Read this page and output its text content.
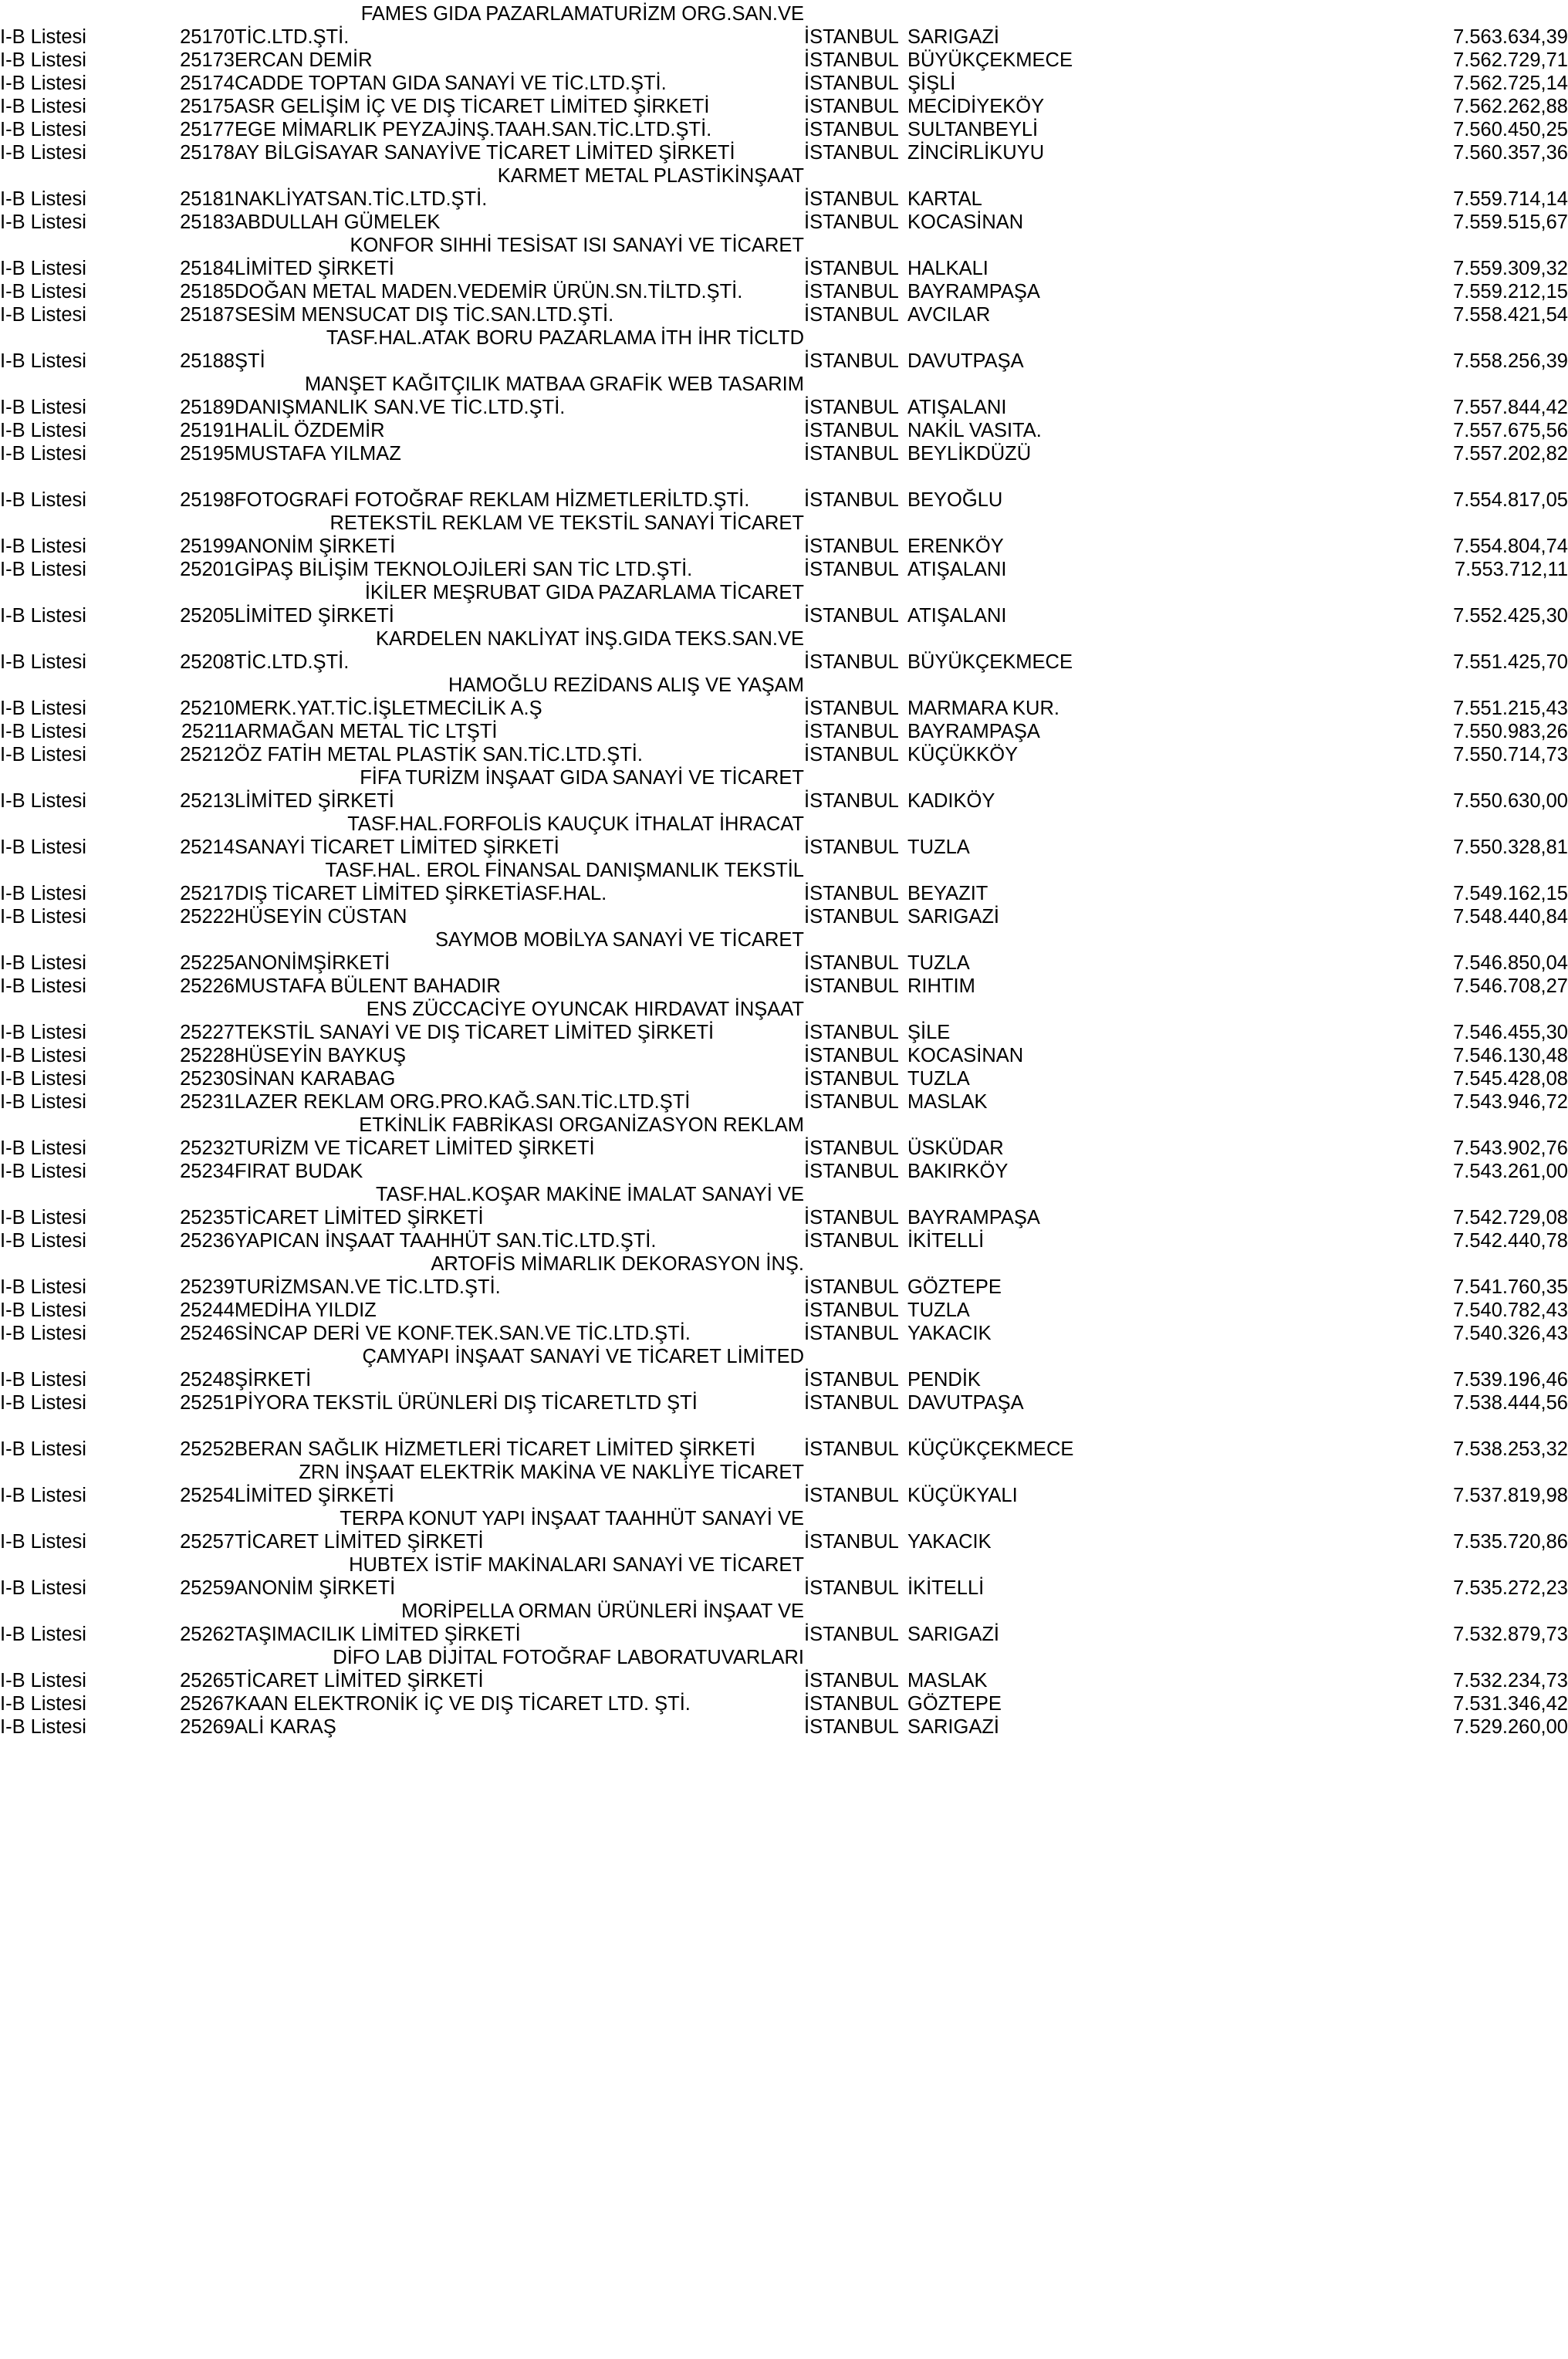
		FAMES GIDA PAZARLAMATURİZM ORG.SAN.VE			
I-B Listesi	25170	TİC.LTD.ŞTİ.	İSTANBUL	SARIGAZİ	7.563.634,39
I-B Listesi	25173	ERCAN DEMİR	İSTANBUL	BÜYÜKÇEKMECE	7.562.729,71
I-B Listesi	25174	CADDE TOPTAN GIDA SANAYİ VE TİC.LTD.ŞTİ.	İSTANBUL	ŞİŞLİ	7.562.725,14
I-B Listesi	25175	ASR GELİŞİM İÇ VE DIŞ TİCARET LİMİTED ŞİRKETİ	İSTANBUL	MECİDİYEKÖY	7.562.262,88
I-B Listesi	25177	EGE MİMARLIK PEYZAJİNŞ.TAAH.SAN.TİC.LTD.ŞTİ.	İSTANBUL	SULTANBEYLİ	7.560.450,25
I-B Listesi	25178	AY BİLGİSAYAR SANAYİVE TİCARET LİMİTED ŞİRKETİ	İSTANBUL	ZİNCİRLİKUYU	7.560.357,36
		KARMET METAL PLASTİKİNŞAAT			
I-B Listesi	25181	NAKLİYATSAN.TİC.LTD.ŞTİ.	İSTANBUL	KARTAL	7.559.714,14
I-B Listesi	25183	ABDULLAH GÜMELEK	İSTANBUL	KOCASİNAN	7.559.515,67
		KONFOR SIHHİ TESİSAT ISI SANAYİ VE TİCARET			
I-B Listesi	25184	LİMİTED ŞİRKETİ	İSTANBUL	HALKALI	7.559.309,32
I-B Listesi	25185	DOĞAN METAL MADEN.VEDEMİR ÜRÜN.SN.TİLTD.ŞTİ.	İSTANBUL	BAYRAMPAŞA	7.559.212,15
I-B Listesi	25187	SESİM MENSUCAT DIŞ TİC.SAN.LTD.ŞTİ.	İSTANBUL	AVCILAR	7.558.421,54
		TASF.HAL.ATAK BORU PAZARLAMA İTH İHR TİCLTD			
I-B Listesi	25188	ŞTİ	İSTANBUL	DAVUTPAŞA	7.558.256,39
		MANŞET KAĞITÇILIK MATBAA GRAFİK WEB TASARIM			
I-B Listesi	25189	DANIŞMANLIK SAN.VE TİC.LTD.ŞTİ.	İSTANBUL	ATIŞALANI	7.557.844,42
I-B Listesi	25191	HALİL ÖZDEMİR	İSTANBUL	NAKİL VASITA.	7.557.675,56
I-B Listesi	25195	MUSTAFA YILMAZ	İSTANBUL	BEYLİKDÜZÜ	7.557.202,82

I-B Listesi	25198	FOTOGRAFİ FOTOĞRAF REKLAM HİZMETLERİLTD.ŞTİ.	İSTANBUL	BEYOĞLU	7.554.817,05
		RETEKSTİL REKLAM VE TEKSTİL SANAYİ TİCARET			
I-B Listesi	25199	ANONİM ŞİRKETİ	İSTANBUL	ERENKÖY	7.554.804,74
I-B Listesi	25201	GİPAŞ BİLİŞİM TEKNOLOJİLERİ SAN TİC LTD.ŞTİ.	İSTANBUL	ATIŞALANI	7.553.712,11
		İKİLER MEŞRUBAT GIDA PAZARLAMA TİCARET			
I-B Listesi	25205	LİMİTED ŞİRKETİ	İSTANBUL	ATIŞALANI	7.552.425,30
		KARDELEN NAKLİYAT İNŞ.GIDA TEKS.SAN.VE			
I-B Listesi	25208	TİC.LTD.ŞTİ.	İSTANBUL	BÜYÜKÇEKMECE	7.551.425,70
		HAMOĞLU REZİDANS ALIŞ VE YAŞAM			
I-B Listesi	25210	MERK.YAT.TİC.İŞLETMECİLİK A.Ş	İSTANBUL	MARMARA KUR.	7.551.215,43
I-B Listesi	25211	ARMAĞAN METAL TİC LTŞTİ	İSTANBUL	BAYRAMPAŞA	7.550.983,26
I-B Listesi	25212	ÖZ FATİH METAL PLASTİK SAN.TİC.LTD.ŞTİ.	İSTANBUL	KÜÇÜKKÖY	7.550.714,73
		FİFA TURİZM İNŞAAT GIDA SANAYİ VE TİCARET			
I-B Listesi	25213	LİMİTED ŞİRKETİ	İSTANBUL	KADIKÖY	7.550.630,00
		TASF.HAL.FORFOLİS KAUÇUK İTHALAT İHRACAT			
I-B Listesi	25214	SANAYİ TİCARET LİMİTED ŞİRKETİ	İSTANBUL	TUZLA	7.550.328,81
		TASF.HAL. EROL FİNANSAL DANIŞMANLIK TEKSTİL			
I-B Listesi	25217	DIŞ TİCARET LİMİTED ŞİRKETİASF.HAL.	İSTANBUL	BEYAZIT	7.549.162,15
I-B Listesi	25222	HÜSEYİN CÜSTAN	İSTANBUL	SARIGAZİ	7.548.440,84
		SAYMOB MOBİLYA SANAYİ VE TİCARET			
I-B Listesi	25225	ANONİMŞİRKETİ	İSTANBUL	TUZLA	7.546.850,04
I-B Listesi	25226	MUSTAFA BÜLENT BAHADIR	İSTANBUL	RIHTIM	7.546.708,27
		ENS ZÜCCACİYE OYUNCAK HIRDAVAT İNŞAAT			
I-B Listesi	25227	TEKSTİL SANAYİ VE DIŞ TİCARET LİMİTED ŞİRKETİ	İSTANBUL	ŞİLE	7.546.455,30
I-B Listesi	25228	HÜSEYİN BAYKUŞ	İSTANBUL	KOCASİNAN	7.546.130,48
I-B Listesi	25230	SİNAN KARABAG	İSTANBUL	TUZLA	7.545.428,08
I-B Listesi	25231	LAZER REKLAM ORG.PRO.KAĞ.SAN.TİC.LTD.ŞTİ	İSTANBUL	MASLAK	7.543.946,72
		ETKİNLİK FABRİKASI ORGANİZASYON REKLAM			
I-B Listesi	25232	TURİZM VE TİCARET LİMİTED ŞİRKETİ	İSTANBUL	ÜSKÜDAR	7.543.902,76
I-B Listesi	25234	FIRAT BUDAK	İSTANBUL	BAKIRKÖY	7.543.261,00
		TASF.HAL.KOŞAR MAKİNE İMALAT SANAYİ VE			
I-B Listesi	25235	TİCARET LİMİTED ŞİRKETİ	İSTANBUL	BAYRAMPAŞA	7.542.729,08
I-B Listesi	25236	YAPICAN İNŞAAT TAAHHÜT SAN.TİC.LTD.ŞTİ.	İSTANBUL	İKİTELLİ	7.542.440,78
		ARTOFİS MİMARLIK DEKORASYON İNŞ.			
I-B Listesi	25239	TURİZMSAN.VE TİC.LTD.ŞTİ.	İSTANBUL	GÖZTEPE	7.541.760,35
I-B Listesi	25244	MEDİHA YILDIZ	İSTANBUL	TUZLA	7.540.782,43
I-B Listesi	25246	SİNCAP DERİ VE KONF.TEK.SAN.VE TİC.LTD.ŞTİ.	İSTANBUL	YAKACIK	7.540.326,43
		ÇAMYAPI İNŞAAT SANAYİ VE TİCARET LİMİTED			
I-B Listesi	25248	ŞİRKETİ	İSTANBUL	PENDİK	7.539.196,46
I-B Listesi	25251	PİYORA TEKSTİL ÜRÜNLERİ DIŞ TİCARETLTD ŞTİ	İSTANBUL	DAVUTPAŞA	7.538.444,56

I-B Listesi	25252	BERAN SAĞLIK HİZMETLERİ TİCARET LİMİTED ŞİRKETİ	İSTANBUL	KÜÇÜKÇEKMECE	7.538.253,32
		ZRN İNŞAAT ELEKTRİK MAKİNA VE NAKLİYE TİCARET			
I-B Listesi	25254	LİMİTED ŞİRKETİ	İSTANBUL	KÜÇÜKYALI	7.537.819,98
		TERPA KONUT YAPI İNŞAAT TAAHHÜT SANAYİ VE			
I-B Listesi	25257	TİCARET LİMİTED ŞİRKETİ	İSTANBUL	YAKACIK	7.535.720,86
		HUBTEX İSTİF MAKİNALARI SANAYİ VE TİCARET			
I-B Listesi	25259	ANONİM ŞİRKETİ	İSTANBUL	İKİTELLİ	7.535.272,23
		MORİPELLA ORMAN ÜRÜNLERİ İNŞAAT VE			
I-B Listesi	25262	TAŞIMACILIK LİMİTED ŞİRKETİ	İSTANBUL	SARIGAZİ	7.532.879,73
		DİFO LAB DİJİTAL FOTOĞRAF LABORATUVARLARI			
I-B Listesi	25265	TİCARET LİMİTED ŞİRKETİ	İSTANBUL	MASLAK	7.532.234,73
I-B Listesi	25267	KAAN ELEKTRONİK İÇ VE DIŞ TİCARET LTD. ŞTİ.	İSTANBUL	GÖZTEPE	7.531.346,42
I-B Listesi	25269	ALİ KARAŞ	İSTANBUL	SARIGAZİ	7.529.260,00
